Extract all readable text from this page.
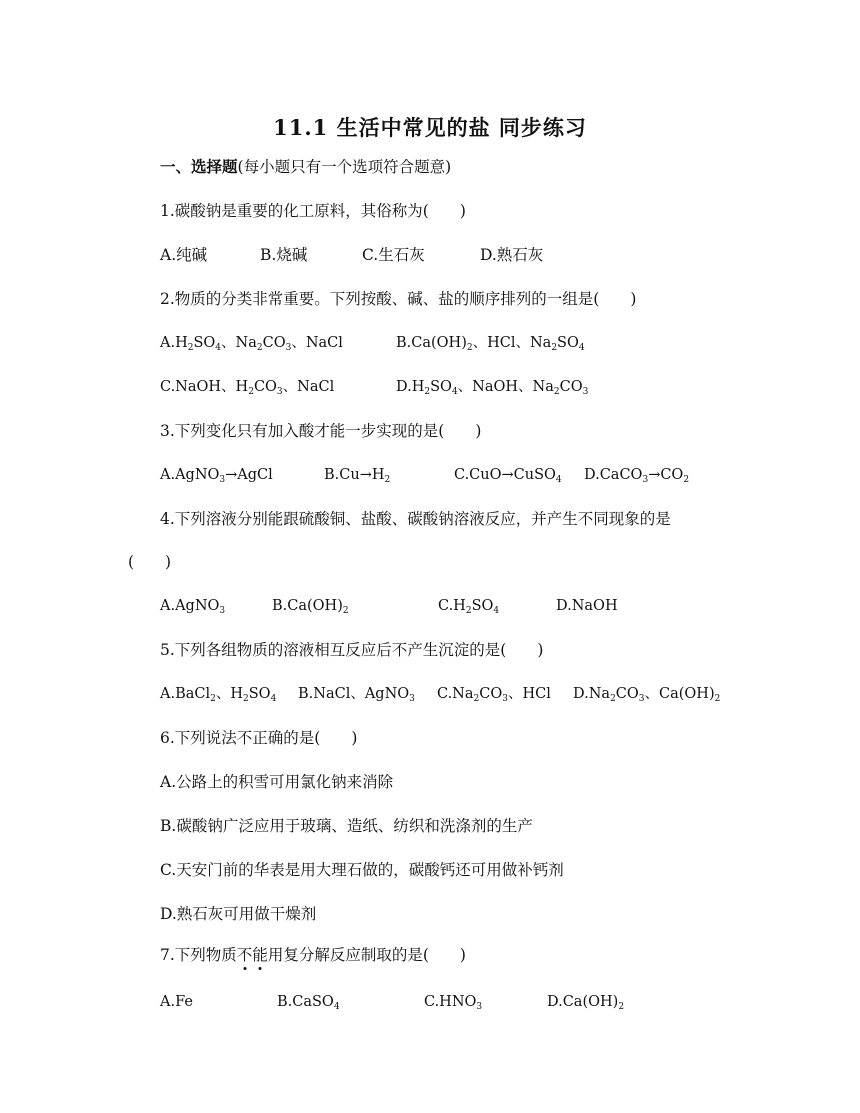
11.1 生活中常见的盐 同步练习
一、选择题(每小题只有一个选项符合题意)
1.碳酸钠是重要的化工原料，其俗称为(　　)
A.纯碱	B.烧碱	C.生石灰	D.熟石灰
2.物质的分类非常重要。下列按酸、碱、盐的顺序排列的一组是(　　)
$A.H_2SO_4$、$Na_2CO_3$、NaCl	$B.Ca(OH)_2$、HCl、$Na_2SO_4$
C.NaOH、$H_2CO_3$、NaCl	$D.H_2SO_4$、NaOH、$Na_2CO_3$
3.下列变化只有加入酸才能一步实现的是(　　)
A.AgNO$_3$→AgCl	$B.Cu\to H_2$	C.CuO→CuSO$_4$ $D.CaCO_3\to CO_2$
4.下列溶液分别能跟硫酸铜、盐酸、碳酸钠溶液反应，并产生不同现象的是
(　　)
A.AgNO$_3$	$B.Ca(OH)_2$	$C.H_2SO_4$	D.NaOH
5.下列各组物质的溶液相互反应后不产生沉淀的是(　　)
A.BaCl$_2$、$H_2SO_4$ B.NaCl、AgNO$_3$ $C.Na_2CO_3$、HCl $D.Na_2CO_3$、$Ca(OH)_2$
6.下列说法不正确的是(　　)
A.公路上的积雪可用氯化钠来消除
B.碳酸钠广泛应用于玻璃、造纸、纺织和洗涤剂的生产
C.天安门前的华表是用大理石做的，碳酸钙还可用做补钙剂
D.熟石灰可用做干燥剂
7.下列物质不能用复分解反应制取的是(　　)
A.Fe	B.CaSO$_4$	$C.HNO_3$	$D.Ca(OH)_2$
